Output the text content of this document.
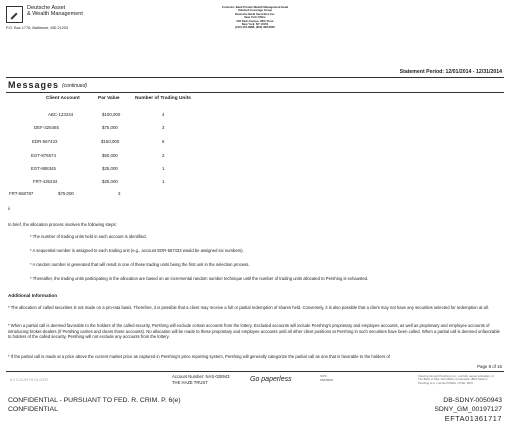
Deutsche Asset
& Wealth Management
P.O. Box 1776, Baltimore, MD 21203
Contents: Bank Private Wealth Management Head
Stanford Coverage Group
Deutsche Bank Securities Inc.
New York Office
345 Park Avenue, 26th Floor
New York, NY 10154
(212) 454-9988, (800) 368-0800
Statement Period: 12/01/2014 - 12/31/2014
Messages (continued)
Client Account	Par Value	Number of Trading Units
ABC-123234	$100,000	4
DEF-325465	$75,000	3
EDR-567433	$150,000	6
EGT-876574	$50,000	2
EGT-888345	$25,000	1
FRT-435234	$25,000	1
FRT-658787	$75,000	3
ii
In brief, the allocation process involves the following steps:
* The number of trading units held in each account is identified.
* A sequential number is assigned to each trading unit (e.g., account EDR-567433 would be assigned six numbers).
* A random number is generated that will result in one of these trading units being the first unit in the selection process.
* Thereafter, the trading units participating in the allocation are based on an incremental random number technique until the number of trading units allocated to Pershing is exhausted.
Additional Information
* The allocation of called securities is not made on a pro-rata basis. Therefore, it is possible that a client may receive a full or partial redemption of shares held. Conversely, it is also possible that a client may not have any securities selected for redemption at all.
* When a partial call is deemed favorable to the holders of the called security, Pershing will exclude certain accounts from the lottery. Excluded accounts will include Pershing's proprietary and employee accounts, as well as proprietary and employee accounts of introducing broker-dealers (if Pershing carries and clears those accounts). No allocation will be made to these proprietary and employee accounts until all other client positions at Pershing in such securities have been called. When a partial call is deemed unfavorable to holders of the called security, Pershing will not exclude any accounts from the lottery.
* If the partial call is made at a price above the current market price as captured in Pershing's price reporting system, Pershing will generally categorize the partial call as one that is favorable to the holders of
Page 8 of 15
ACCOUNTHOLDER
Account Number: NAS-028943
THE HAZE TRUST	Go paperless	SIPC
MEMBER
Clearing through Pershing LLC, a wholly owned subsidiary of
The Bank of New York Mellon Corporation (BNY Mellon)
Pershing LLC, member FINRA, NYSE, SIPC
CONFIDENTIAL - PURSUANT TO FED. R. CRIM. P. 6(e)
CONFIDENTIAL
DB-SDNY-0050943
SDNY_GM_00197127
EFTA01361717
